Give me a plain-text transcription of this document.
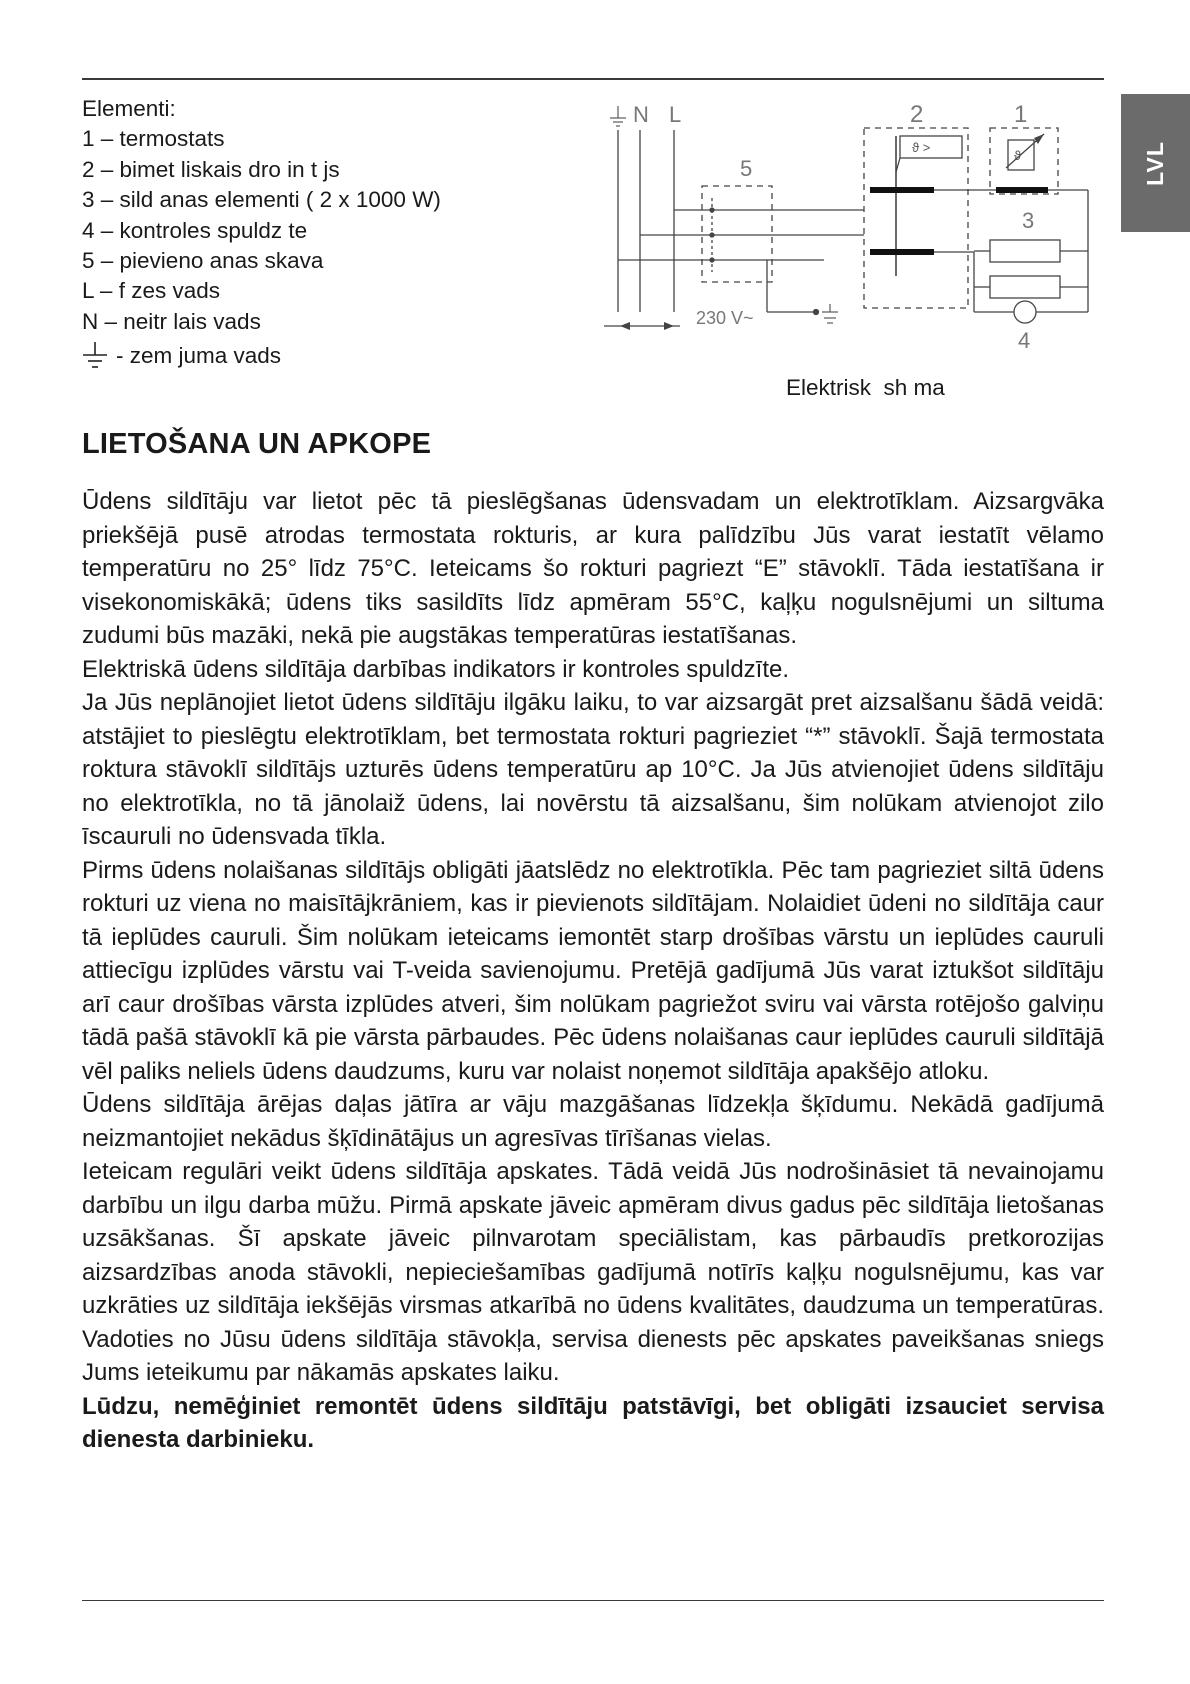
LVL
Elementi:
1 – termostats
2 – bimet liskais dro in t js
3 – sild anas elementi ( 2 x 1000 W)
4 – kontroles spuldz te
5 – pievieno anas skava
L – f zes vads
N – neitr lais vads
- zem juma vads
N L
5
230 V~
2
ϑ >
1
ϑ
3
4
Elektrisk  sh ma
LIETOŠANA UN APKOPE

Ūdens sildītāju var lietot pēc tā pieslēgšanas ūdensvadam un elektrotīklam. Aizsargvāka priekšējā pusē atrodas termostata rokturis, ar kura palīdzību Jūs varat iestatīt vēlamo temperatūru no 25° līdz 75°C. Ieteicams šo rokturi pagriezt “E” stāvoklī. Tāda iestatīšana ir visekonomiskākā; ūdens tiks sasildīts līdz apmēram 55°C, kaļķu nogulsnējumi un siltuma zudumi būs mazāki, nekā pie augstākas temperatūras iestatīšanas.

Elektriskā ūdens sildītāja darbības indikators ir kontroles spuldzīte.

Ja Jūs neplānojiet lietot ūdens sildītāju ilgāku laiku, to var aizsargāt pret aizsalšanu šādā veidā: atstājiet to pieslēgtu elektrotīklam, bet termostata rokturi pagrieziet “*” stāvoklī. Šajā termostata roktura stāvoklī sildītājs uzturēs ūdens temperatūru ap 10°C. Ja Jūs atvienojiet ūdens sildītāju no elektrotīkla, no tā jānolaiž ūdens, lai novērstu tā aizsalšanu, šim nolūkam atvienojot zilo īscauruli no ūdensvada tīkla.

Pirms ūdens nolaišanas sildītājs obligāti jāatslēdz no elektrotīkla. Pēc tam pagrieziet siltā ūdens rokturi uz viena no maisītājkrāniem, kas ir pievienots sildītājam. Nolaidiet ūdeni no sildītāja caur tā ieplūdes cauruli. Šim nolūkam ieteicams iemontēt starp drošības vārstu un ieplūdes cauruli attiecīgu izplūdes vārstu vai T-veida savienojumu. Pretējā gadījumā Jūs varat iztukšot sildītāju arī caur drošības vārsta izplūdes atveri, šim nolūkam pagriežot sviru vai vārsta rotējošo galviņu tādā pašā stāvoklī kā pie vārsta pārbaudes. Pēc ūdens nolaišanas caur ieplūdes cauruli sildītājā vēl paliks neliels ūdens daudzums, kuru var nolaist noņemot sildītāja apakšējo atloku.

Ūdens sildītāja ārējas daļas jātīra ar vāju mazgāšanas līdzekļa šķīdumu. Nekādā gadījumā neizmantojiet nekādus šķīdinātājus un agresīvas tīrīšanas vielas.

Ieteicam regulāri veikt ūdens sildītāja apskates. Tādā veidā Jūs nodrošināsiet tā nevainojamu darbību un ilgu darba mūžu. Pirmā apskate jāveic apmēram divus gadus pēc sildītāja lietošanas uzsākšanas. Šī apskate jāveic pilnvarotam speciālistam, kas pārbaudīs pretkorozijas aizsardzības anoda stāvokli, nepieciešamības gadījumā notīrīs kaļķu nogulsnējumu, kas var uzkrāties uz sildītāja iekšējās virsmas atkarībā no ūdens kvalitātes, daudzuma un temperatūras. Vadoties no Jūsu ūdens sildītāja stāvokļa, servisa dienests pēc apskates paveikšanas sniegs Jums ieteikumu par nākamās apskates laiku.

Lūdzu, nemēģiniet remontēt ūdens sildītāju patstāvīgi, bet obligāti izsauciet servisa dienesta darbinieku.
